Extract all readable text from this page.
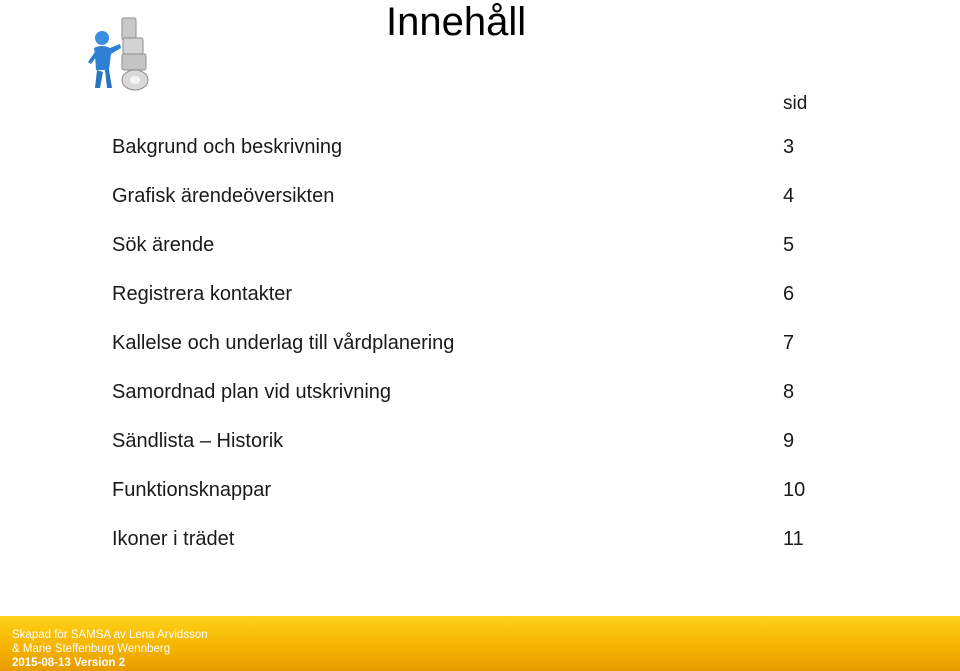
Innehåll
sid
Bakgrund och beskrivning	3
Grafisk ärendeöversikten	4
Sök ärende	5
Registrera kontakter	6
Kallelse och underlag till vårdplanering	7
Samordnad plan vid utskrivning	8
Sändlista – Historik	9
Funktionsknappar	10
Ikoner i trädet	11
Skapad för SAMSA av Lena Arvidsson
& Marie Steffenburg Wennberg
2015-08-13 Version 2
